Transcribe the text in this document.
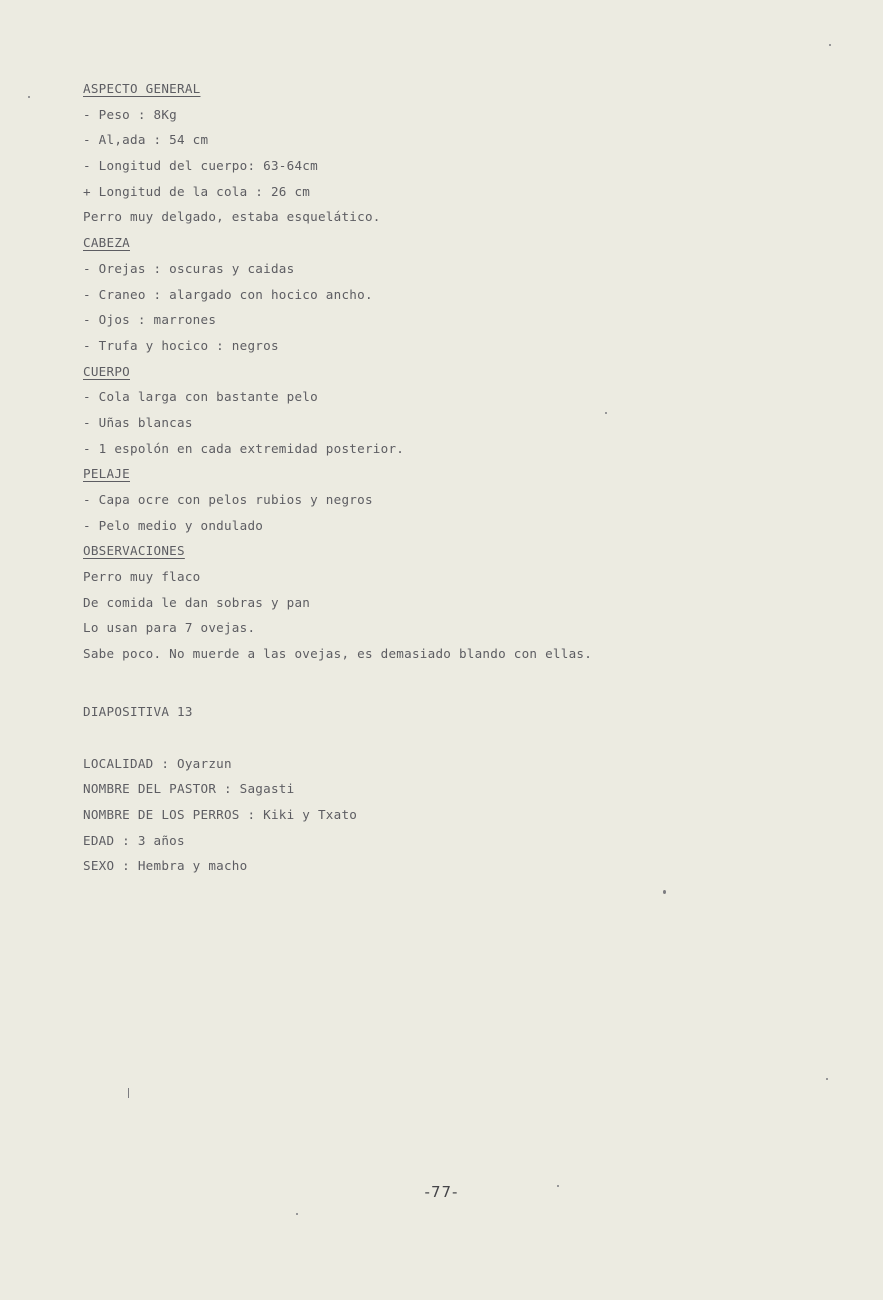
ASPECTO GENERAL
- Peso : 8Kg
- Al,ada : 54 cm
- Longitud del cuerpo: 63-64cm
+ Longitud de la cola : 26 cm
Perro muy delgado, estaba esquelático.
CABEZA
- Orejas : oscuras y caidas
- Craneo : alargado con hocico ancho.
- Ojos : marrones
- Trufa y hocico : negros
CUERPO
- Cola larga con bastante pelo
- Uñas blancas
- 1 espolón en cada extremidad posterior.
PELAJE
- Capa ocre con pelos rubios y negros
- Pelo medio y ondulado
OBSERVACIONES
Perro muy flaco
De comida le dan sobras y pan
Lo usan para 7 ovejas.
Sabe poco. No muerde a las ovejas, es demasiado blando con ellas.
DIAPOSITIVA 13
LOCALIDAD : Oyarzun
NOMBRE DEL PASTOR : Sagasti
NOMBRE DE LOS PERROS : Kiki y Txato
EDAD : 3 años
SEXO : Hembra y macho
-77-
